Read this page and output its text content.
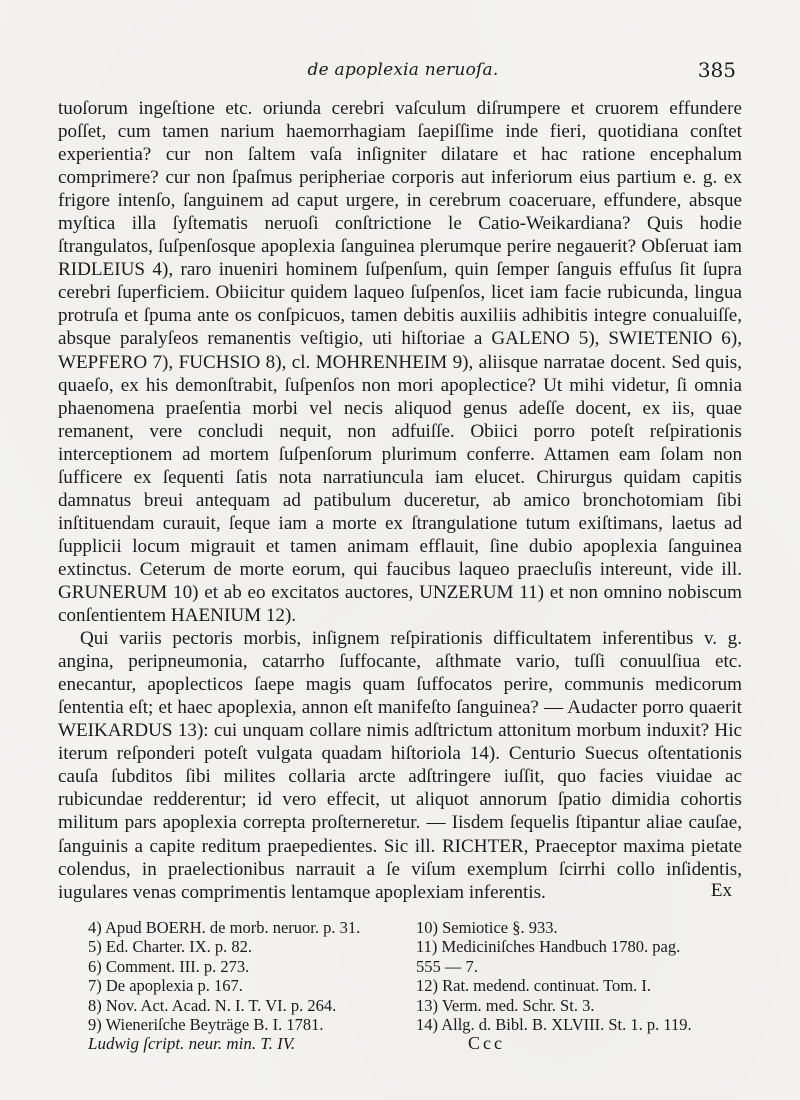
de apoplexia neruoſa.	385

tuoſorum ingeſtione etc. oriunda cerebri vaſculum diſrumpere et cruorem effundere poſſet, cum tamen narium haemorrhagiam ſaepiſſime inde fieri, quotidiana conſtet experientia? cur non ſaltem vaſa inſigniter dilatare et hac ratione encephalum comprimere? cur non ſpaſmus peripheriae corporis aut inferiorum eius partium e. g. ex frigore intenſo, ſanguinem ad caput urgere, in cerebrum coaceruare, effundere, absque myſtica illa ſyſtematis neruoſi conſtrictione le Catio-Weikardiana? Quis hodie ſtrangulatos, ſuſpenſosque apoplexia ſanguinea plerumque perire negauerit? Obſeruat iam RIDLEIUS 4), raro inueniri hominem ſuſpenſum, quin ſemper ſanguis effuſus ſit ſupra cerebri ſuperficiem. Obiicitur quidem laqueo ſuſpenſos, licet iam facie rubicunda, lingua protruſa et ſpuma ante os conſpicuos, tamen debitis auxiliis adhibitis integre conualuiſſe, absque paralyſeos remanentis veſtigio, uti hiſtoriae a GALENO 5), SWIETENIO 6), WEPFERO 7), FUCHSIO 8), cl. MOHRENHEIM 9), aliisque narratae docent. Sed quis, quaeſo, ex his demonſtrabit, ſuſpenſos non mori apoplecticе? Ut mihi videtur, ſi omnia phaenomena praeſentia morbi vel necis aliquod genus adeſſe docent, ex iis, quae remanent, vere concludi nequit, non adfuiſſe. Obiici porro poteſt reſpirationis interceptionem ad mortem ſuſpenſorum plurimum conferre. Attamen eam ſolam non ſufficere ex ſequenti ſatis nota narratiuncula iam elucet. Chirurgus quidam capitis damnatus breui antequam ad patibulum duceretur, ab amico bronchotomiam ſibi inſtituendam curauit, ſeque iam a morte ex ſtrangulatione tutum exiſtimans, laetus ad ſupplicii locum migrauit et tamen animam efflauit, ſine dubio apoplexia ſanguinea extinctus. Ceterum de morte eorum, qui faucibus laqueo praecluſis intereunt, vide ill. GRUNERUM 10) et ab eo excitatos auctores, UNZERUM 11) et non omnino nobiscum conſentientem HAENIUM 12).

Qui variis pectoris morbis, inſignem reſpirationis difficultatem inferentibus v. g. angina, peripneumonia, catarrho ſuffocante, aſthmate vario, tuſſi conuulſiua etc. enecantur, apoplecticos ſaepe magis quam ſuffocatos perire, communis medicorum ſententia eſt; et haec apoplexia, annon eſt manifeſto ſanguinea? — Audacter porro quaerit WEIKARDUS 13): cui unquam collare nimis adſtrictum attonitum morbum induxit? Hic iterum reſponderi poteſt vulgata quadam hiſtoriola 14). Centurio Suecus oſtentationis cauſa ſubditos ſibi milites collaria arcte adſtringere iuſſit, quo facies viuidae ac rubicundae redderentur; id vero effecit, ut aliquot annorum ſpatio dimidia cohortis militum pars apoplexia correpta proſterneretur. — Iisdem ſequelis ſtipantur aliae cauſae, ſanguinis a capite reditum praepedientes. Sic ill. RICHTER, Praeceptor maxima pietate colendus, in praelectionibus narrauit a ſe viſum exemplum ſcirrhi collo inſidentis, iugulares venas comprimentis lentamque apoplexiam inferentis.	Ex
4) Apud BOERH. de morb. neruor. p. 31.
5) Ed. Charter. IX. p. 82.
6) Comment. III. p. 273.
7) De apoplexia p. 167.
8) Nov. Act. Acad. N. I. T. VI. p. 264.
9) Wieneriſche Beyträge B. I. 1781.
10) Semiotice §. 933.
11) Mediciniſches Handbuch 1780. pag.
555 — 7.
12) Rat. medend. continuat. Tom. I.
13) Verm. med. Schr. St. 3.
14) Allg. d. Bibl. B. XLVIII. St. 1. p. 119.
Ludwig ſcript. neur. min. T. IV.	Ccc
